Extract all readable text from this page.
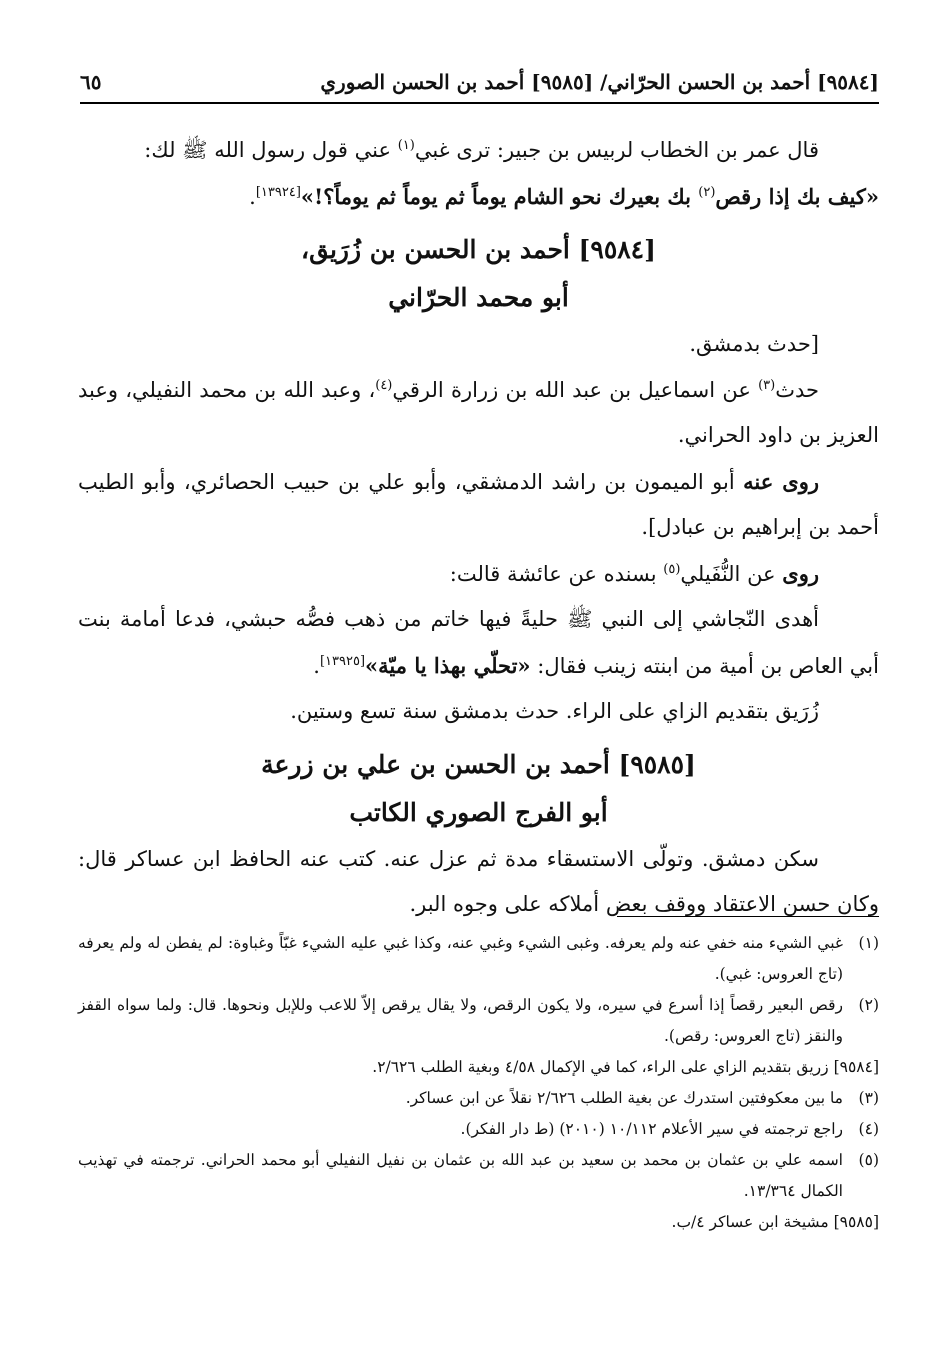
[٩٥٨٤] أحمد بن الحسن الحرّاني/ [٩٥٨٥] أحمد بن الحسن الصوري
٦٥

قال عمر بن الخطاب لربيس بن جبير: ترى غبي$^{(١)}$ عني قول رسول الله ﷺ لك:

«كيف بك إذا رقص$^{(٢)}$ بك بعيرك نحو الشام يوماً ثم يوماً ثم يوماً؟!»[١٣٩٢٤].

[٩٥٨٤] أحمد بن الحسن بن زُرَيق،
أبو محمد الحرّاني

[حدث بدمشق.

حدث$^{(٣)}$ عن اسماعيل بن عبد الله بن زرارة الرقي$^{(٤)}$، وعبد الله بن محمد النفيلي، وعبد العزيز بن داود الحراني.

روى عنه أبو الميمون بن راشد الدمشقي، وأبو علي بن حبيب الحصائري، وأبو الطيب أحمد بن إبراهيم بن عبادل].

روى عن النُّفَيلي$^{(٥)}$ بسنده عن عائشة قالت:

أهدى النّجاشي إلى النبي ﷺ حليةً فيها خاتم من ذهب فصُّه حبشي، فدعا أمامة بنت أبي العاص بن أمية من ابنته زينب فقال: «تحلّي بهذا يا ميّة»[١٣٩٢٥].

زُرَيق بتقديم الزاي على الراء. حدث بدمشق سنة تسع وستين.

[٩٥٨٥] أحمد بن الحسن بن علي بن زرعة
أبو الفرج الصوري الكاتب

سكن دمشق. وتولّى الاستسقاء مدة ثم عزل عنه. كتب عنه الحافظ ابن عساكر قال: وكان حسن الاعتقاد ووقف بعض أملاكه على وجوه البر.

(١)
غبي الشيء منه خفي عنه ولم يعرفه. وغبى الشيء وغبي عنه، وكذا غبي عليه الشيء غبّاً وغباوة: لم يفطن له ولم يعرفه (تاج العروس: غبي).

(٢)
رقص البعير رقصاً إذا أسرع في سيره، ولا يكون الرقص، ولا يقال يرقص إلاّ للاعب وللإبل ونحوها. قال: ولما سواه القفز والنقز (تاج العروس: رقص).

[٩٥٨٤] زريق بتقديم الزاي على الراء، كما في الإكمال ٤/٥٨ وبغية الطلب ٢/٦٢٦.

(٣)
ما بين معكوفتين استدرك عن بغية الطلب ٢/٦٢٦ نقلاً عن ابن عساكر.

(٤)
راجع ترجمته في سير الأعلام ١٠/١١٢ (٢٠١٠) (ط دار الفكر).

(٥)
اسمه علي بن عثمان بن محمد بن سعيد بن عبد الله بن عثمان بن نفيل النفيلي أبو محمد الحراني. ترجمته في تهذيب الكمال ١٣/٣٦٤.

[٩٥٨٥] مشيخة ابن عساكر ٤/ب.
